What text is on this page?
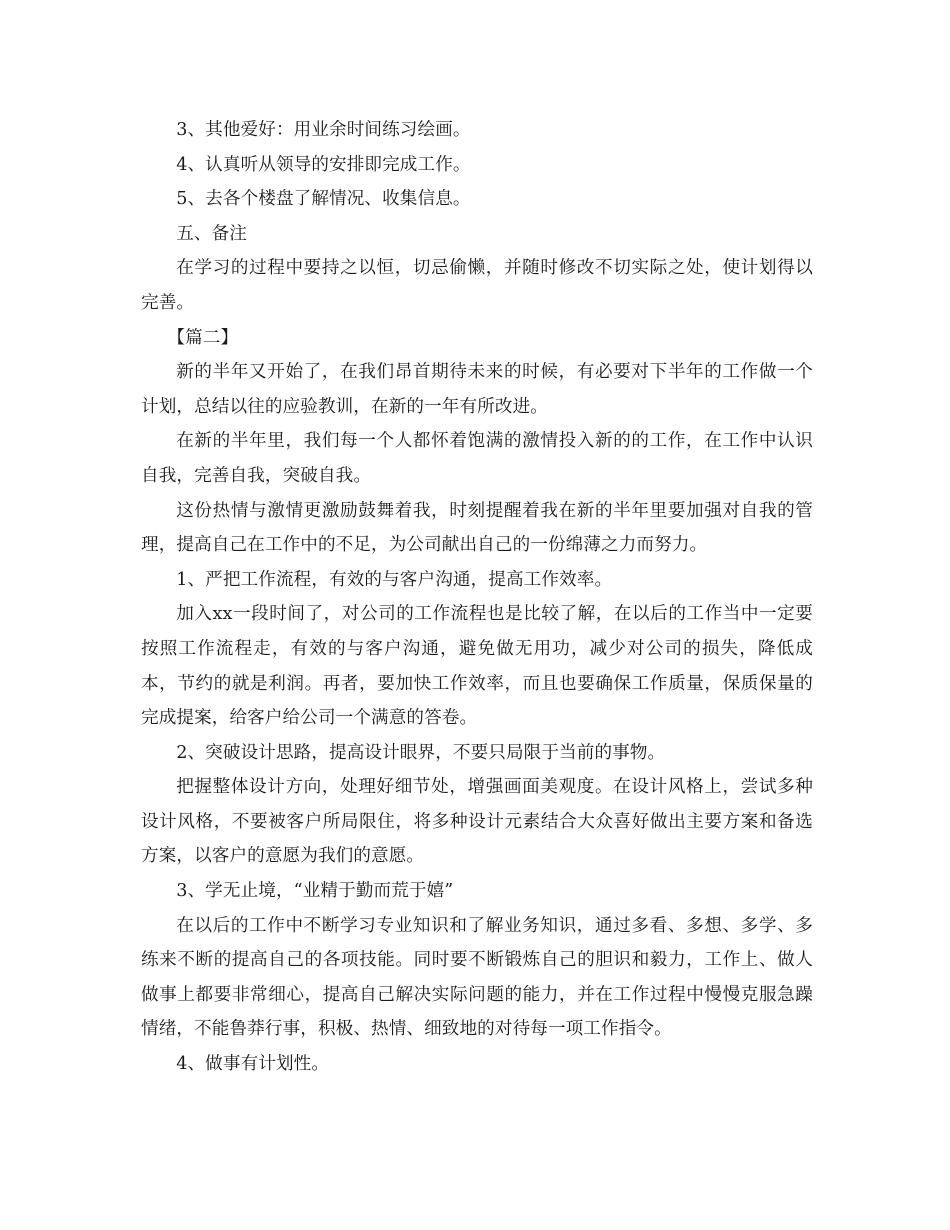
3、其他爱好：用业余时间练习绘画。

4、认真听从领导的安排即完成工作。

5、去各个楼盘了解情况、收集信息。

五、备注

在学习的过程中要持之以恒，切忌偷懒，并随时修改不切实际之处，使计划得以完善。

【篇二】

新的半年又开始了，在我们昂首期待未来的时候，有必要对下半年的工作做一个计划，总结以往的应验教训，在新的一年有所改进。

在新的半年里，我们每一个人都怀着饱满的激情投入新的的工作，在工作中认识自我，完善自我，突破自我。

这份热情与激情更激励鼓舞着我，时刻提醒着我在新的半年里要加强对自我的管理，提高自己在工作中的不足，为公司献出自己的一份绵薄之力而努力。

1、严把工作流程，有效的与客户沟通，提高工作效率。

加入xx一段时间了，对公司的工作流程也是比较了解，在以后的工作当中一定要按照工作流程走，有效的与客户沟通，避免做无用功，减少对公司的损失，降低成本，节约的就是利润。再者，要加快工作效率，而且也要确保工作质量，保质保量的完成提案，给客户给公司一个满意的答卷。

2、突破设计思路，提高设计眼界，不要只局限于当前的事物。

把握整体设计方向，处理好细节处，增强画面美观度。在设计风格上，尝试多种设计风格，不要被客户所局限住，将多种设计元素结合大众喜好做出主要方案和备选方案，以客户的意愿为我们的意愿。

3、学无止境，“业精于勤而荒于嬉”

在以后的工作中不断学习专业知识和了解业务知识，通过多看、多想、多学、多练来不断的提高自己的各项技能。同时要不断锻炼自己的胆识和毅力，工作上、做人做事上都要非常细心，提高自己解决实际问题的能力，并在工作过程中慢慢克服急躁情绪，不能鲁莽行事，积极、热情、细致地的对待每一项工作指令。

4、做事有计划性。
